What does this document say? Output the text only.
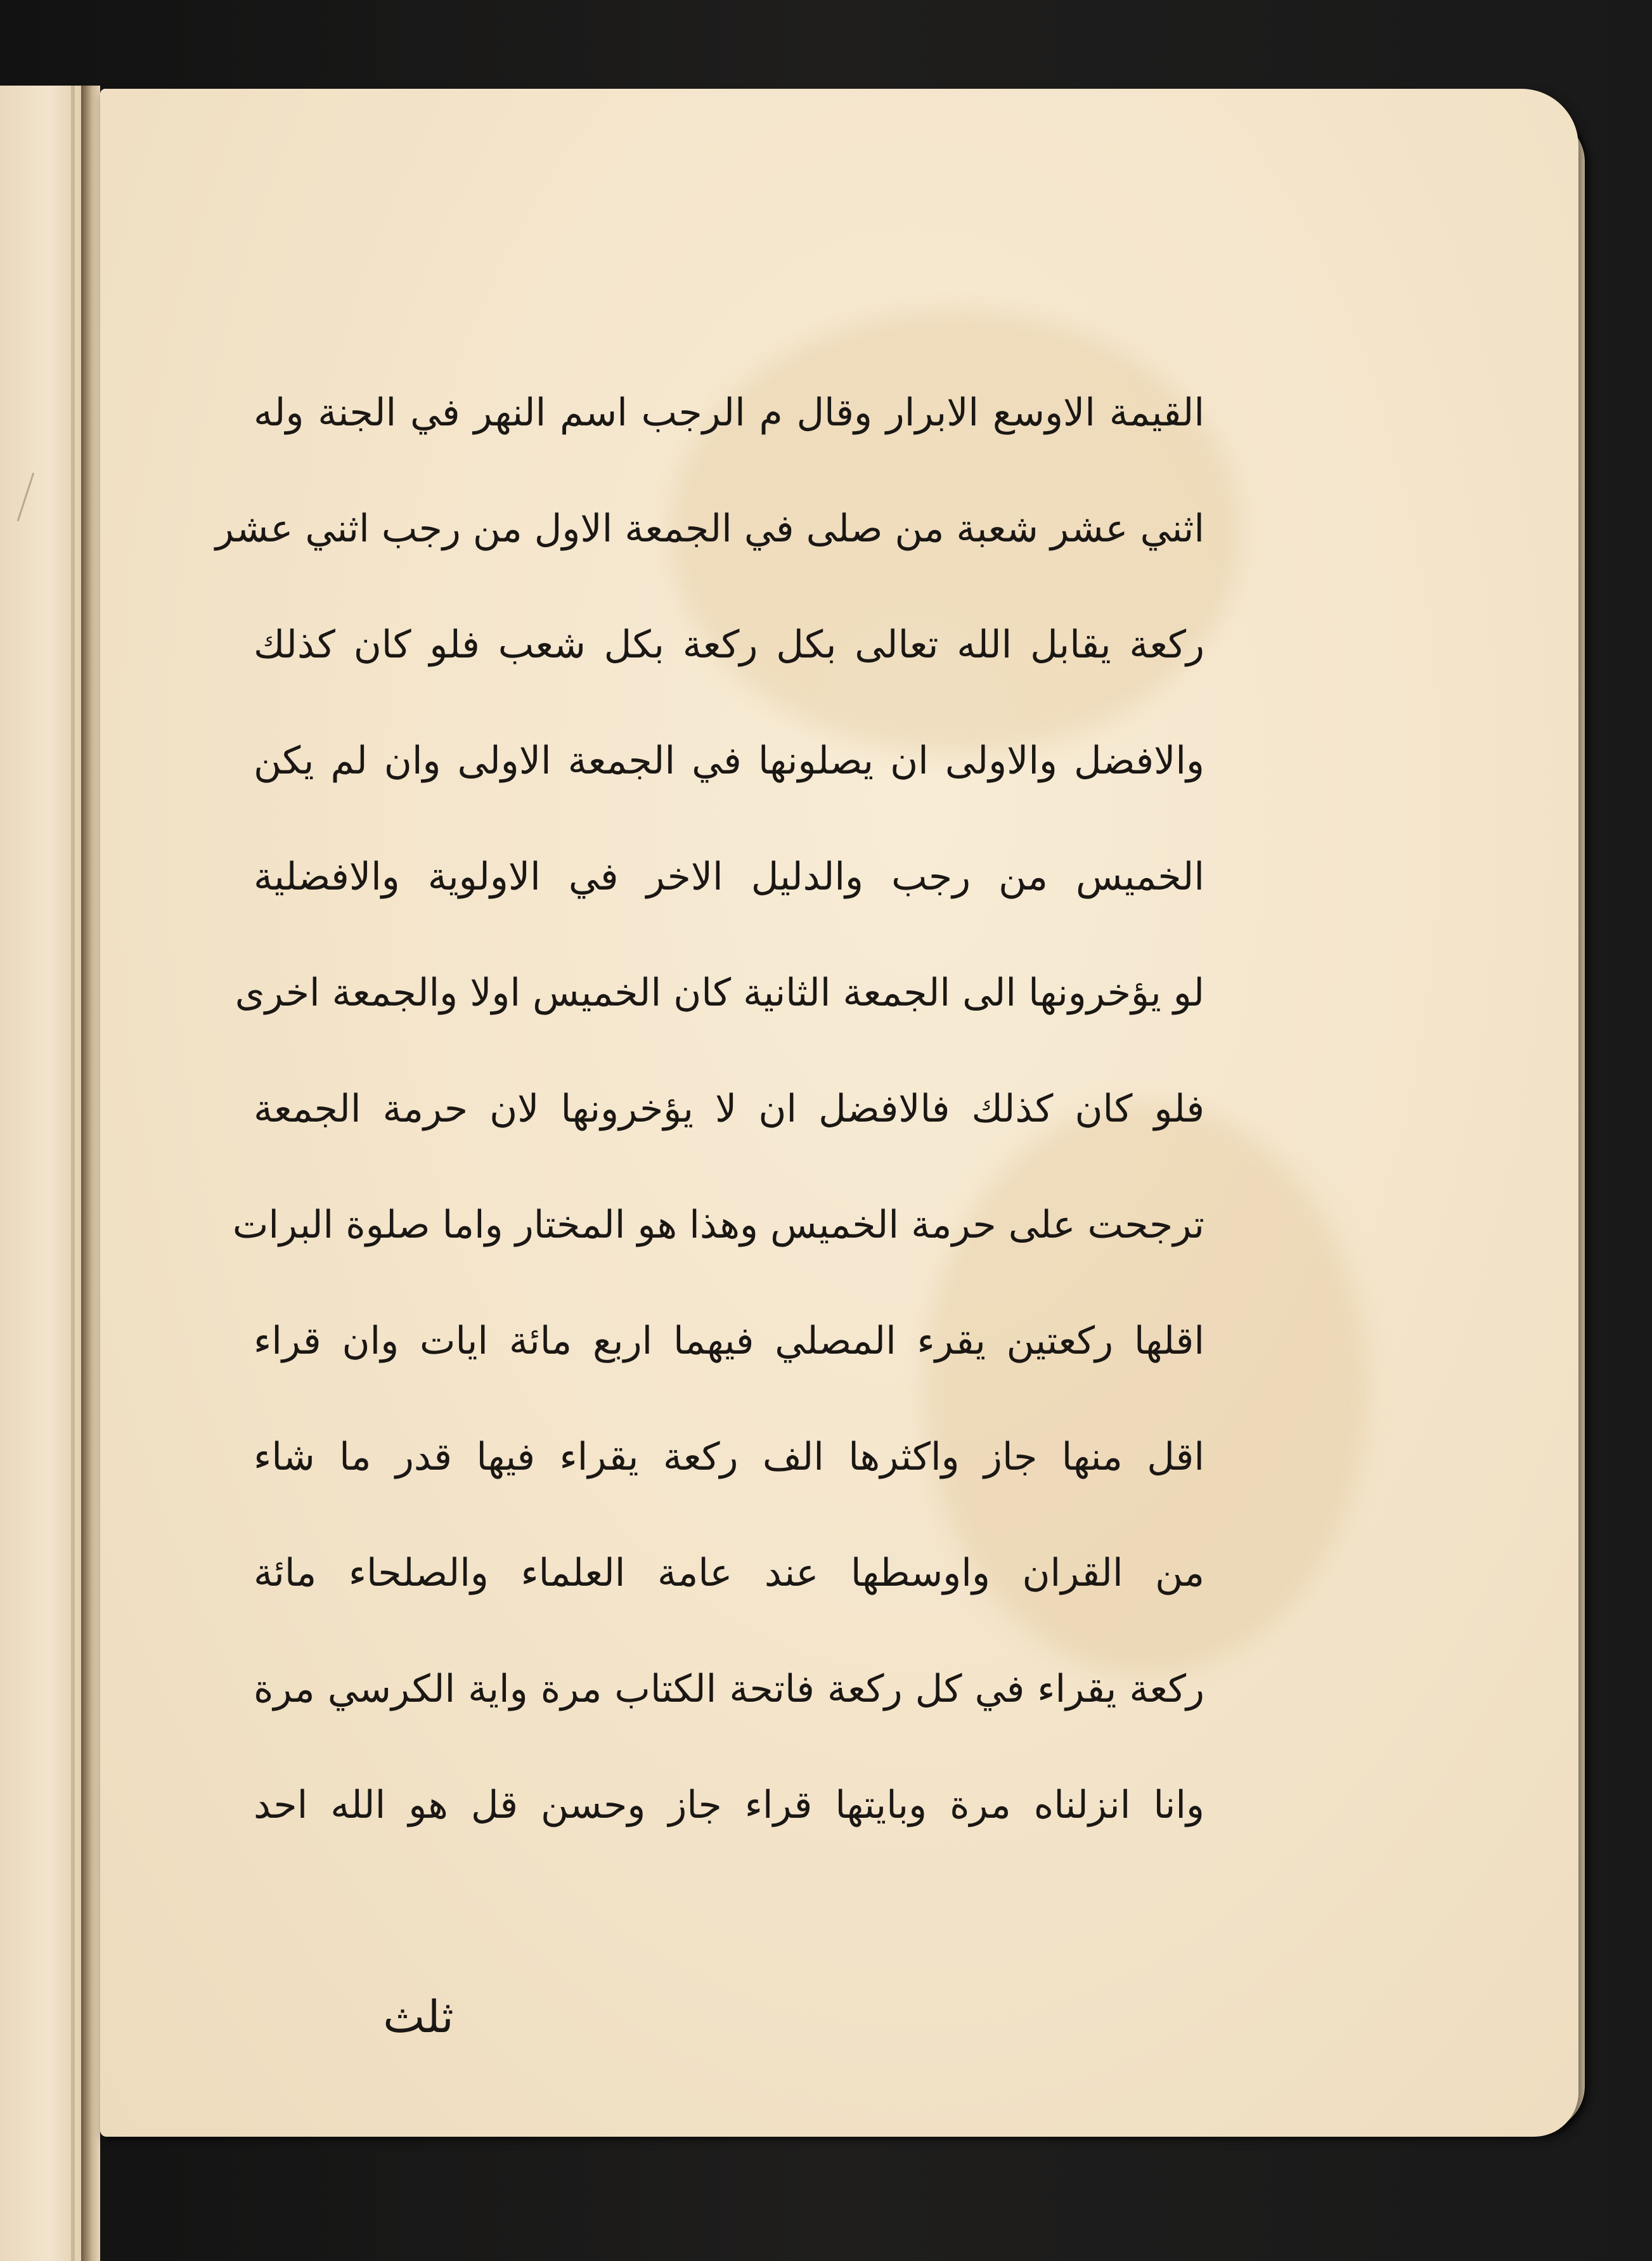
القيمة الاوسع الابرار وقال م الرجب اسم النهر في الجنة وله
اثني عشر شعبة من صلى في الجمعة الاول من رجب اثني عشر
ركعة يقابل الله تعالى بكل ركعة بكل شعب فلو كان كذلك
والافضل والاولى ان يصلونها في الجمعة الاولى وان لم يكن
الخميس من رجب والدليل الاخر في الاولوية والافضلية
لو يؤخرونها الى الجمعة الثانية كان الخميس اولا والجمعة اخرى
فلو كان كذلك فالافضل ان لا يؤخرونها لان حرمة الجمعة
ترجحت على حرمة الخميس وهذا هو المختار واما صلوة البرات
اقلها ركعتين يقرء المصلي فيهما اربع مائة ايات وان قراء
اقل منها جاز واكثرها الف ركعة يقراء فيها قدر ما شاء
من القران واوسطها عند عامة العلماء والصلحاء مائة
ركعة يقراء في كل ركعة فاتحة الكتاب مرة واية الكرسي مرة
وانا انزلناه مرة وبايتها قراء جاز وحسن قل هو الله احد
ثلث
